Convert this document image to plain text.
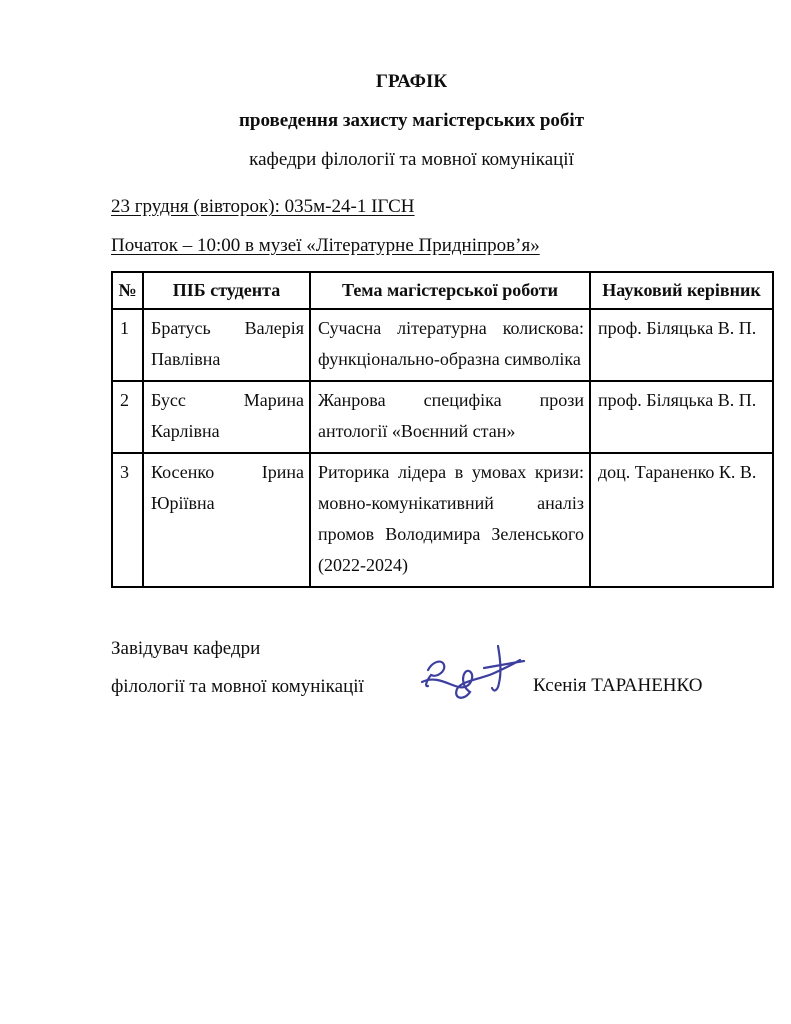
ГРАФІК
проведення захисту магістерських робіт
кафедри філології та мовної комунікації
23 грудня (вівторок): 035м-24-1 ІГСН
Початок – 10:00 в музеї «Літературне Придніпров’я»
№	ПІБ студента	Тема магістерської роботи	Науковий керівник
1	Братусь Валерія Павлівна	Сучасна літературна колискова: функціонально-образна символіка	проф. Біляцька В. П.
2	Бусс Марина Карлівна	Жанрова специфіка прози антології «Воєнний стан»	проф. Біляцька В. П.
3	Косенко Ірина Юріївна	Риторика лідера в умовах кризи: мовно-комунікативний аналіз промов Володимира Зеленського (2022-2024)	доц. Тараненко К. В.
Завідувач кафедри
філології та мовної комунікації	Ксенія ТАРАНЕНКО
